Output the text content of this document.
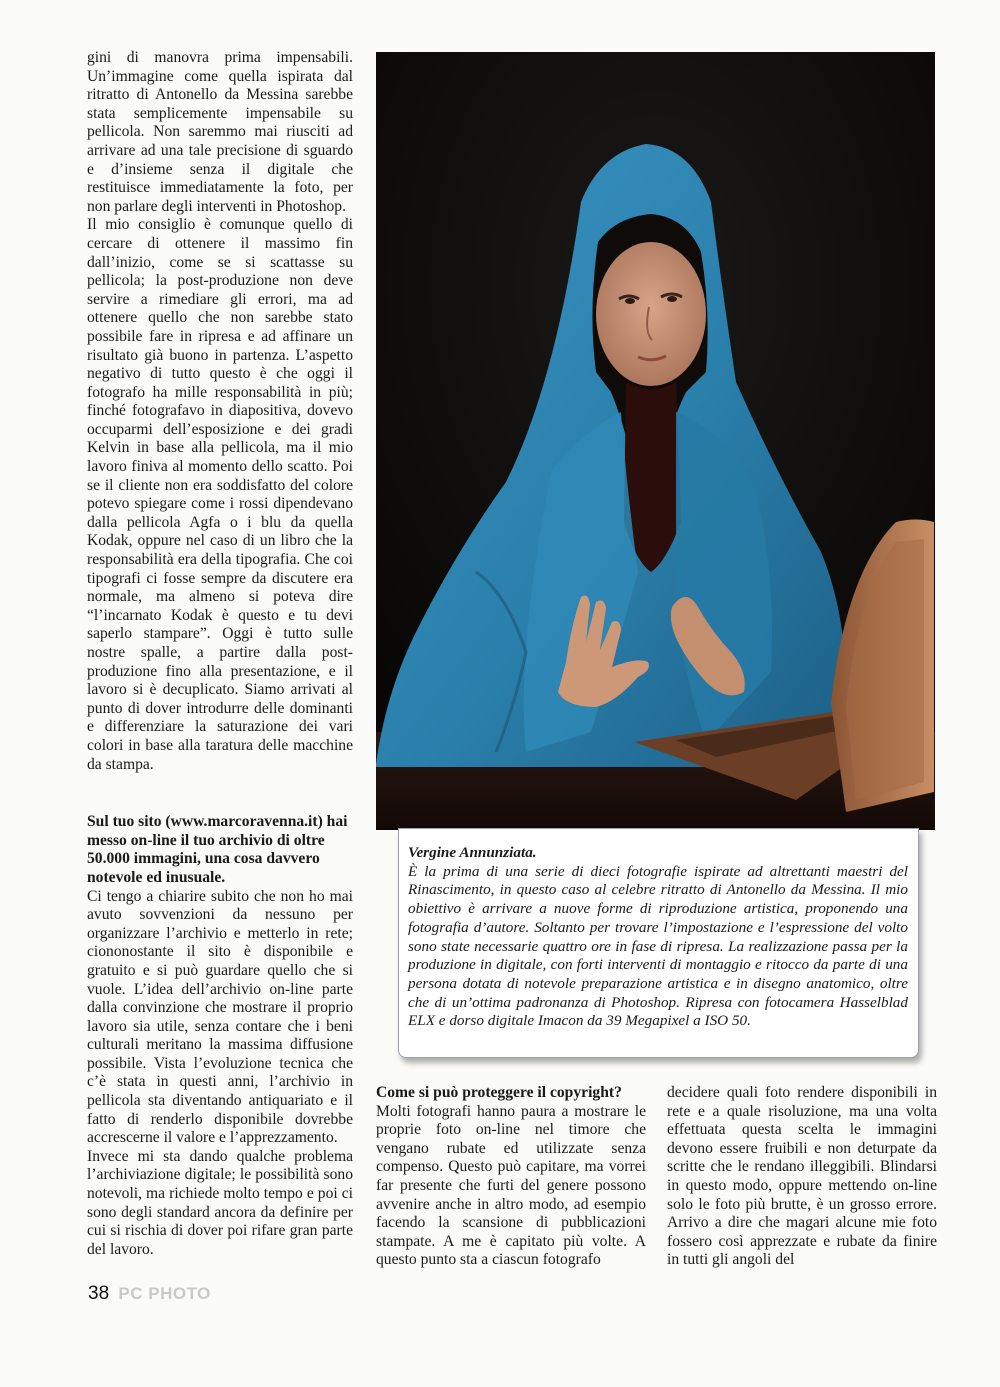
gini di manovra prima impensabili. Un’immagine come quella ispirata dal ritratto di Antonello da Messina sarebbe stata semplicemente impensabile su pellicola. Non saremmo mai riusciti ad arrivare ad una tale precisione di sguardo e d’insieme senza il digitale che restituisce immediatamente la foto, per non parlare degli interventi in Photoshop.

Il mio consiglio è comunque quello di cercare di ottenere il massimo fin dall’inizio, come se si scattasse su pellicola; la post-produzione non deve servire a rimediare gli errori, ma ad ottenere quello che non sarebbe stato possibile fare in ripresa e ad affinare un risultato già buono in partenza. L’aspetto negativo di tutto questo è che oggi il fotografo ha mille responsabilità in più; finché fotografavo in diapositiva, dovevo occuparmi dell’esposizione e dei gradi Kelvin in base alla pellicola, ma il mio lavoro finiva al momento dello scatto. Poi se il cliente non era soddisfatto del colore potevo spiegare come i rossi dipendevano dalla pellicola Agfa o i blu da quella Kodak, oppure nel caso di un libro che la responsabilità era della tipografia. Che coi tipografi ci fosse sempre da discutere era normale, ma almeno si poteva dire “l’incarnato Kodak è questo e tu devi saperlo stampare”. Oggi è tutto sulle nostre spalle, a partire dalla post-produzione fino alla presentazione, e il lavoro si è decuplicato. Siamo arrivati al punto di dover introdurre delle dominanti e differenziare la saturazione dei vari colori in base alla taratura delle macchine da stampa.

Sul tuo sito (www.marcoravenna.it) hai messo on-line il tuo archivio di oltre 50.000 immagini, una cosa davvero notevole ed inusuale.

Ci tengo a chiarire subito che non ho mai avuto sovvenzioni da nessuno per organizzare l’archivio e metterlo in rete; ciononostante il sito è disponibile e gratuito e si può guardare quello che si vuole. L’idea dell’archivio on-line parte dalla convinzione che mostrare il proprio lavoro sia utile, senza contare che i beni culturali meritano la massima diffusione possibile. Vista l’evoluzione tecnica che c’è stata in questi anni, l’archivio in pellicola sta diventando antiquariato e il fatto di renderlo disponibile dovrebbe accrescerne il valore e l’apprezzamento.

Invece mi sta dando qualche problema l’archiviazione digitale; le possibilità sono notevoli, ma richiede molto tempo e poi ci sono degli standard ancora da definire per cui si rischia di dover poi rifare gran parte del lavoro.

Vergine Annunziata.
È la prima di una serie di dieci fotografie ispirate ad altrettanti maestri del Rinascimento, in questo caso al celebre ritratto di Antonello da Messina. Il mio obiettivo è arrivare a nuove forme di riproduzione artistica, proponendo una fotografia d’autore. Soltanto per trovare l’impostazione e l’espressione del volto sono state necessarie quattro ore in fase di ripresa. La realizzazione passa per la produzione in digitale, con forti interventi di montaggio e ritocco da parte di una persona dotata di notevole preparazione artistica e in disegno anatomico, oltre che di un’ottima padronanza di Photoshop. Ripresa con fotocamera Hasselblad ELX e dorso digitale Imacon da 39 Megapixel a ISO 50.

Come si può proteggere il copyright?

Molti fotografi hanno paura a mostrare le proprie foto on-line nel timore che vengano rubate ed utilizzate senza compenso. Questo può capitare, ma vorrei far presente che furti del genere possono avvenire anche in altro modo, ad esempio facendo la scansione di pubblicazioni stampate. A me è capitato più volte. A questo punto sta a ciascun fotografo

decidere quali foto rendere disponibili in rete e a quale risoluzione, ma una volta effettuata questa scelta le immagini devono essere fruibili e non deturpate da scritte che le rendano illeggibili. Blindarsi in questo modo, oppure mettendo on-line solo le foto più brutte, è un grosso errore. Arrivo a dire che magari alcune mie foto fossero così apprezzate e rubate da finire in tutti gli angoli del

38 PC PHOTO
